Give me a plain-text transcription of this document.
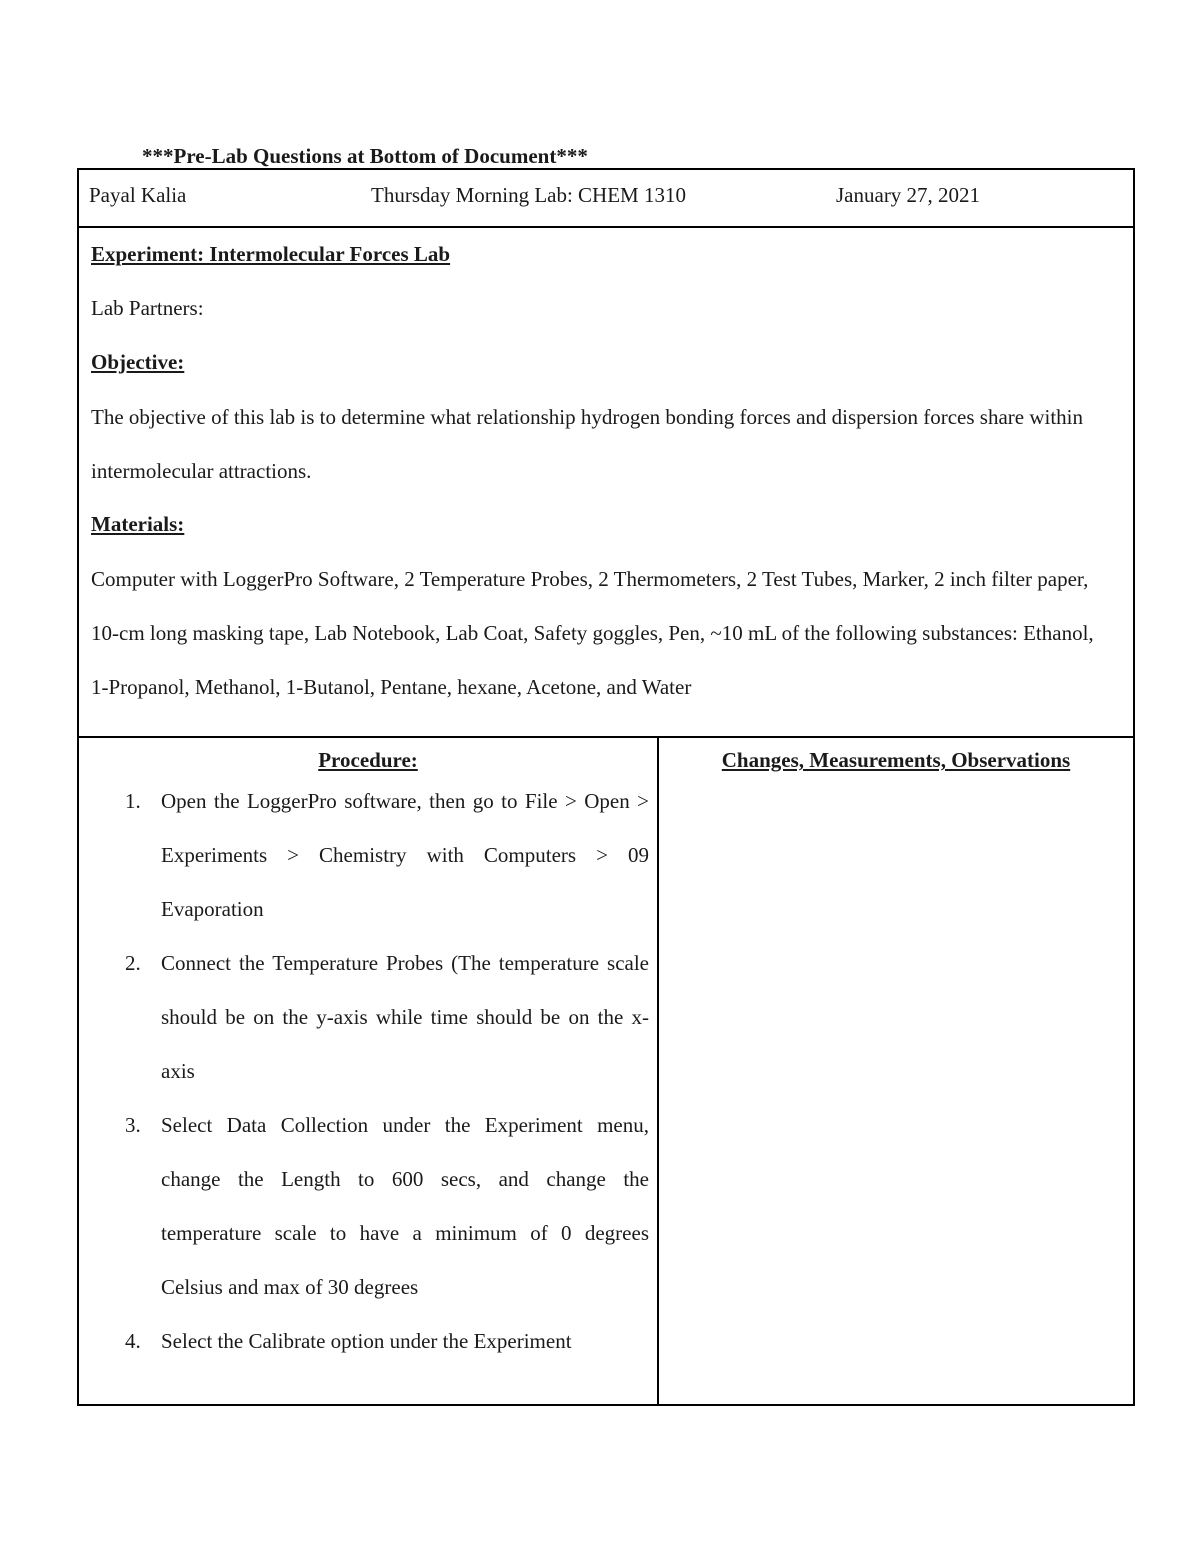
***Pre-Lab Questions at Bottom of Document***
Payal Kalia	Thursday Morning Lab: CHEM 1310	January 27, 2021

Experiment: Intermolecular Forces Lab

Lab Partners:

Objective:

The objective of this lab is to determine what relationship hydrogen bonding forces and dispersion forces share within intermolecular attractions.

Materials:

Computer with LoggerPro Software, 2 Temperature Probes, 2 Thermometers, 2 Test Tubes, Marker, 2 inch filter paper, 10-cm long masking tape, Lab Notebook, Lab Coat, Safety goggles, Pen, ~10 mL of the following substances: Ethanol, 1-Propanol, Methanol, 1-Butanol, Pentane, hexane, Acetone, and Water

Procedure:
1. Open the LoggerPro software, then go to File > Open > Experiments > Chemistry with Computers > 09 Evaporation
2. Connect the Temperature Probes (The temperature scale should be on the y-axis while time should be on the x-axis
3. Select Data Collection under the Experiment menu, change the Length to 600 secs, and change the temperature scale to have a minimum of 0 degrees Celsius and max of 30 degrees
4. Select the Calibrate option under the Experiment
Changes, Measurements, Observations
